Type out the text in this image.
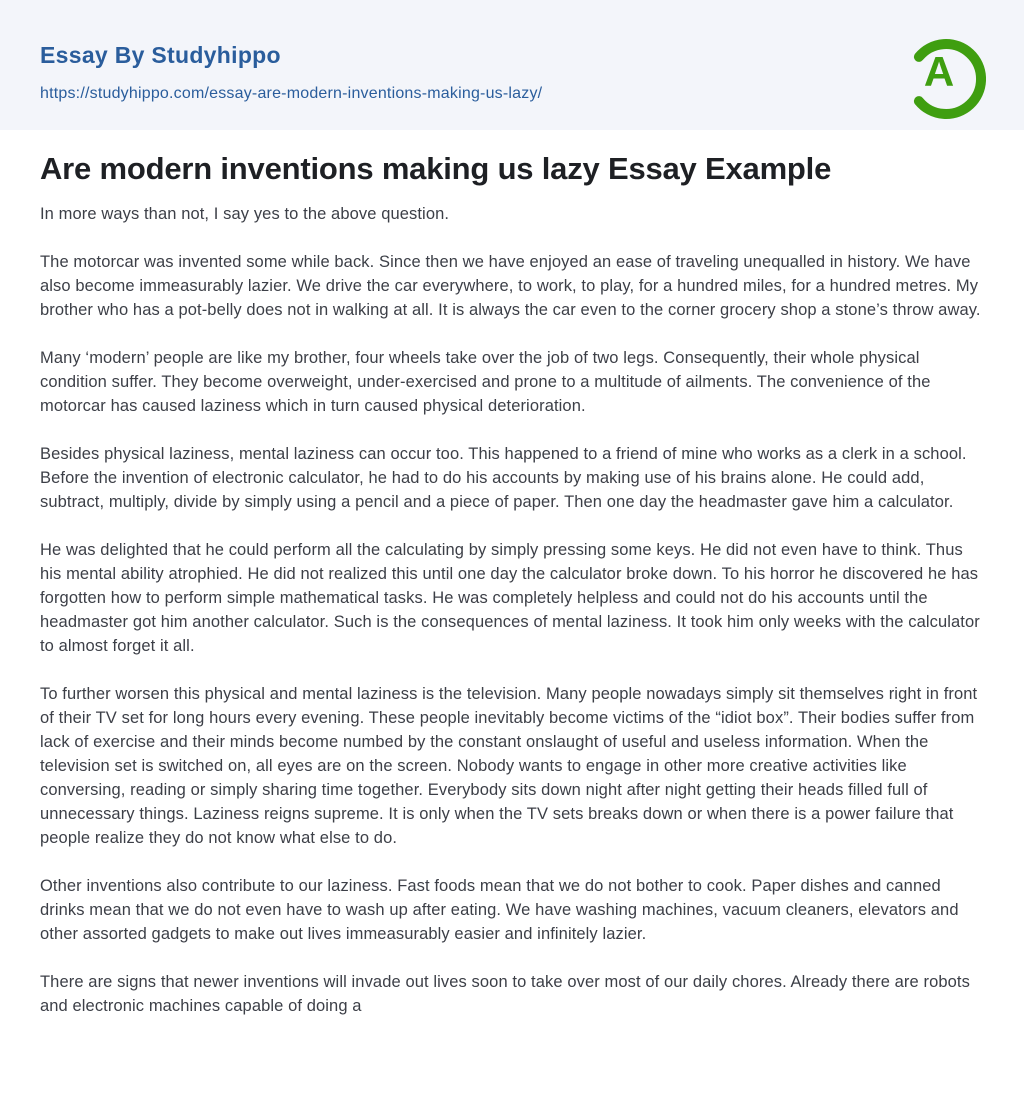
Essay By Studyhippo
https://studyhippo.com/essay-are-modern-inventions-making-us-lazy/	A
Are modern inventions making us lazy Essay Example

In more ways than not, I say yes to the above question.

The motorcar was invented some while back. Since then we have enjoyed an ease of traveling unequalled in history. We have also become immeasurably lazier. We drive the car everywhere, to work, to play, for a hundred miles, for a hundred metres. My brother who has a pot-belly does not in walking at all. It is always the car even to the corner grocery shop a stone’s throw away.

Many ‘modern’ people are like my brother, four wheels take over the job of two legs. Consequently, their whole physical condition suffer. They become overweight, under-exercised and prone to a multitude of ailments. The convenience of the motorcar has caused laziness which in turn caused physical deterioration.

Besides physical laziness, mental laziness can occur too. This happened to a friend of mine who works as a clerk in a school. Before the invention of electronic calculator, he had to do his accounts by making use of his brains alone. He could add, subtract, multiply, divide by simply using a pencil and a piece of paper. Then one day the headmaster gave him a calculator.

He was delighted that he could perform all the calculating by simply pressing some keys. He did not even have to think. Thus his mental ability atrophied. He did not realized this until one day the calculator broke down. To his horror he discovered he has forgotten how to perform simple mathematical tasks. He was completely helpless and could not do his accounts until the headmaster got him another calculator. Such is the consequences of mental laziness. It took him only weeks with the calculator to almost forget it all.

To further worsen this physical and mental laziness is the television. Many people nowadays simply sit themselves right in front of their TV set for long hours every evening. These people inevitably become victims of the “idiot box”. Their bodies suffer from lack of exercise and their minds become numbed by the constant onslaught of useful and useless information. When the television set is switched on, all eyes are on the screen. Nobody wants to engage in other more creative activities like conversing, reading or simply sharing time together. Everybody sits down night after night getting their heads filled full of unnecessary things. Laziness reigns supreme. It is only when the TV sets breaks down or when there is a power failure that people realize they do not know what else to do.

Other inventions also contribute to our laziness. Fast foods mean that we do not bother to cook. Paper dishes and canned drinks mean that we do not even have to wash up after eating. We have washing machines, vacuum cleaners, elevators and other assorted gadgets to make out lives immeasurably easier and infinitely lazier.

There are signs that newer inventions will invade out lives soon to take over most of our daily chores. Already there are robots and electronic machines capable of doing a
